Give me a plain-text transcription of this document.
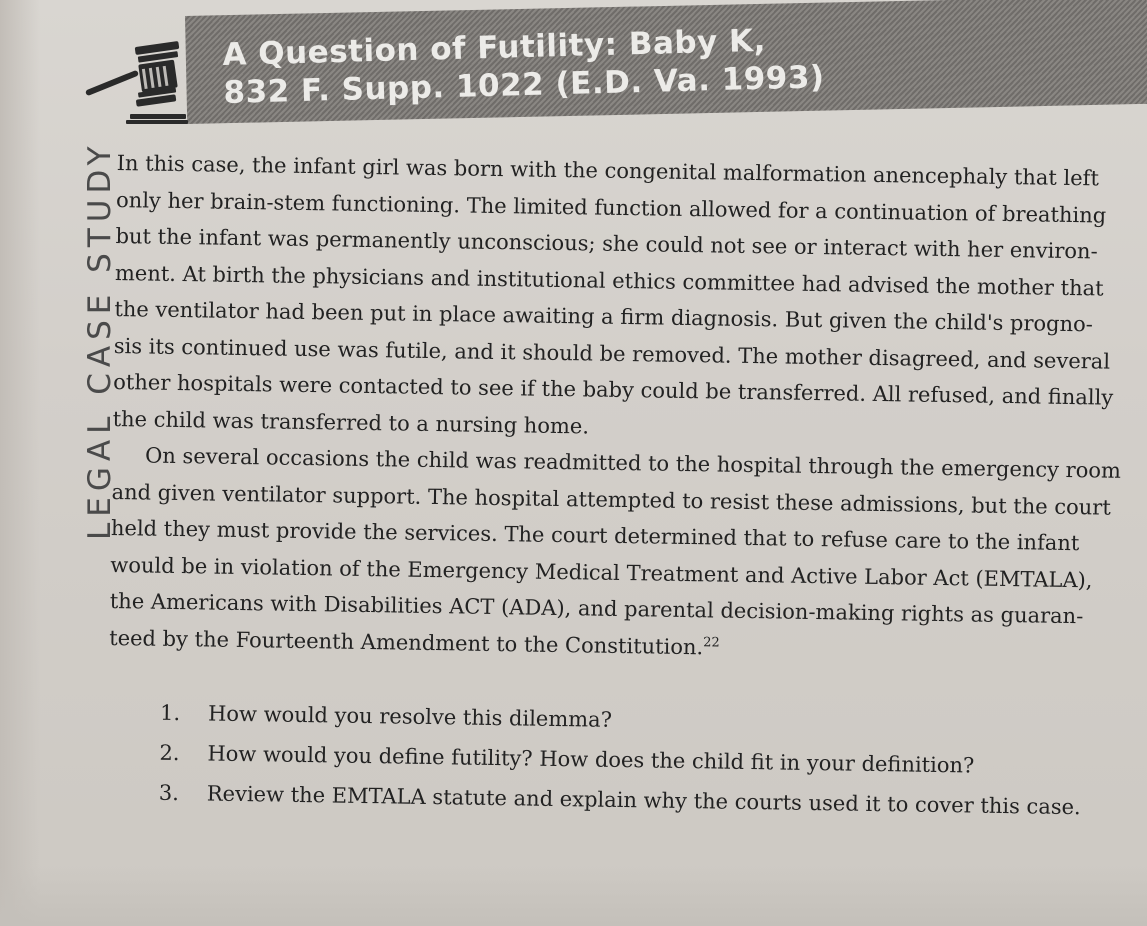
A Question of Futility: Baby K,
832 F. Supp. 1022 (E.D. Va. 1993)
LEGAL CASE STUDY

In this case, the infant girl was born with the congenital malformation anencephaly that left
only her brain-stem functioning. The limited function allowed for a continuation of breathing
but the infant was permanently unconscious; she could not see or interact with her environ-
ment. At birth the physicians and institutional ethics committee had advised the mother that
the ventilator had been put in place awaiting a firm diagnosis. But given the child's progno-
sis its continued use was futile, and it should be removed. The mother disagreed, and several
other hospitals were contacted to see if the baby could be transferred. All refused, and finally
the child was transferred to a nursing home.

On several occasions the child was readmitted to the hospital through the emergency room
and given ventilator support. The hospital attempted to resist these admissions, but the court
held they must provide the services. The court determined that to refuse care to the infant
would be in violation of the Emergency Medical Treatment and Active Labor Act (EMTALA),
the Americans with Disabilities ACT (ADA), and parental decision-making rights as guaran-
teed by the Fourteenth Amendment to the Constitution.$^{22}$

1. How would you resolve this dilemma?
2. How would you define futility? How does the child fit in your definition?
3. Review the EMTALA statute and explain why the courts used it to cover this case.
